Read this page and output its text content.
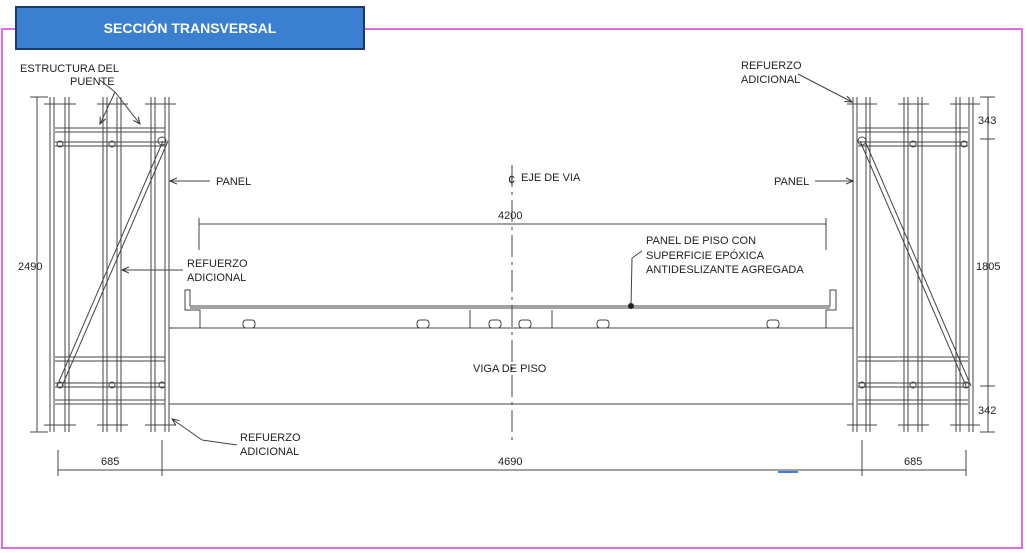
SECCIÓN TRANSVERSAL
¢
ESTRUCTURA DEL
PUENTE
REFUERZO
ADICIONAL
PANEL	PANEL
EJE DE VIA
REFUERZO
ADICIONAL
PANEL DE PISO CON
SUPERFICIE EPÓXICA
ANTIDESLIZANTE AGREGADA
VIGA DE PISO
REFUERZO
ADICIONAL
4200
2490	1805
343
342
685	4690	685
